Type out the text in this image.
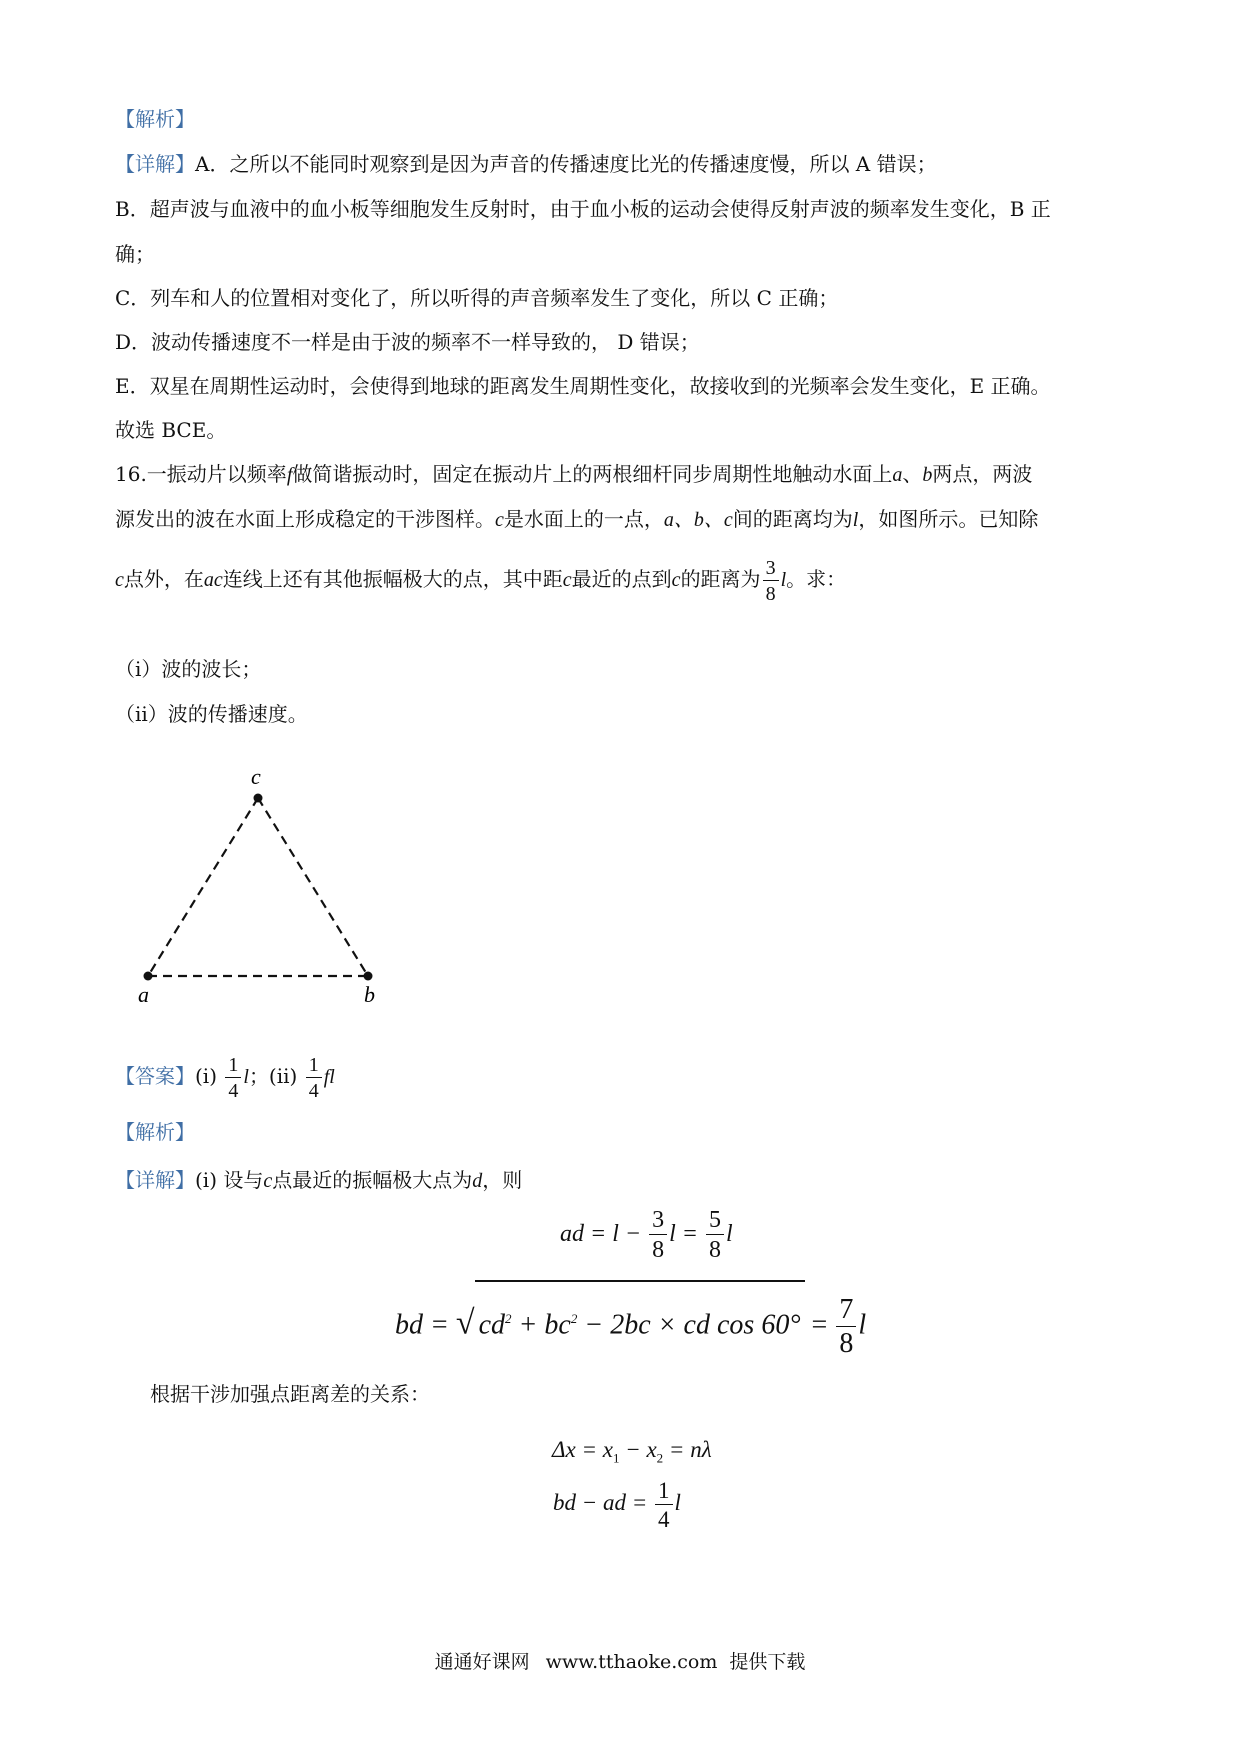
【解析】
【详解】A．之所以不能同时观察到是因为声音的传播速度比光的传播速度慢，所以 A 错误；
B．超声波与血液中的血小板等细胞发生反射时，由于血小板的运动会使得反射声波的频率发生变化，B 正
确；
C．列车和人的位置相对变化了，所以听得的声音频率发生了变化，所以 C 正确；
D．波动传播速度不一样是由于波的频率不一样导致的， D 错误；
E．双星在周期性运动时，会使得到地球的距离发生周期性变化，故接收到的光频率会发生变化，E 正确。
故选 BCE。
16.一振动片以频率f做简谐振动时，固定在振动片上的两根细杆同步周期性地触动水面上a、b两点，两波
源发出的波在水面上形成稳定的干涉图样。c是水面上的一点，a、b、c间的距离均为l，如图所示。已知除
c点外，在ac连线上还有其他振幅极大的点，其中距c最近的点到c的距离为 $\frac{3}{8}$ l。求：
（i）波的波长；
（ii）波的传播速度。
c
a	b
【答案】$(i) \frac{1}{4}$ l；$(ii) \frac{1}{4}$ fl
【解析】
【详解】(i) 设与c点最近的振幅极大点为d，则
ad = $l - \frac{3}{8}$ $l = \frac{5}{8}$ l
bd = √ $cd^2 + bc^2 - 2bc$ × cd $\cos 60^\circ = \frac{7}{8}$ l
根据干涉加强点距离差的关系：
$\Delta x = x_1 - x_2 = n\lambda$
bd − ad = $\frac{1}{4}$ l
通通好课网 www.tthaoke.com 提供下载
